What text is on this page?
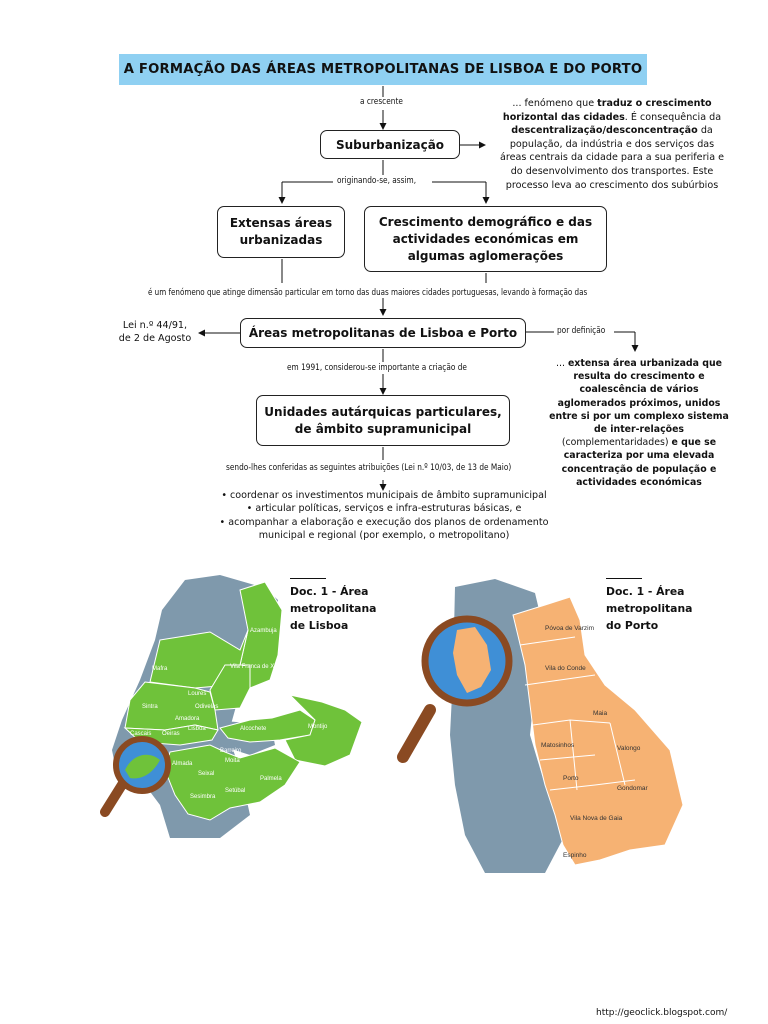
A FORMAÇÃO DAS ÁREAS METROPOLITANAS DE LISBOA E DO PORTO
a crescente
Suburbanização
... fenómeno que traduz o crescimento horizontal das cidades. É consequência da descentralização/desconcentração da população, da indústria e dos serviços das áreas centrais da cidade para a sua periferia e do desenvolvimento dos transportes. Este processo leva ao crescimento dos subúrbios
originando-se, assim,
Extensas áreas
urbanizadas
Crescimento demográfico e das
actividades económicas em
algumas aglomerações
é um fenómeno que atinge dimensão particular em torno das duas maiores cidades portuguesas, levando à formação das
Lei n.º 44/91,
de 2 de Agosto	Áreas metropolitanas de Lisboa e Porto	por definição
... extensa área urbanizada que resulta do crescimento e coalescência de vários aglomerados próximos, unidos entre si por um complexo sistema de inter-relações (complementaridades) e que se caracteriza por uma elevada concentração de população e actividades económicas
em 1991, considerou-se importante a criação de
Unidades autárquicas particulares,
de âmbito supramunicipal
sendo-lhes conferidas as seguintes atribuições (Lei n.º 10/03, de 13 de Maio)
• coordenar os investimentos municipais de âmbito supramunicipal
• articular políticas, serviços e infra-estruturas básicas, e
• acompanhar a elaboração e execução dos planos de ordenamento
municipal e regional (por exemplo, o metropolitano)
Azambuja
Mafra	Vila Franca de Xira
Loures
Sintra	Odivelas
Amadora
Cascais Oeiras
Lisboa	Alcochete	Montijo
Almada	Moita
Barreiro
Seixal
Palmela
Setúbal
Sesimbra
Doc. 1 - Área
metropolitana
de Lisboa	Póvoa de Varzim
Vila do Conde
Maia
Matosinhos	Valongo
Porto
Gondomar
Vila Nova de Gaia
Espinho
Doc. 1 - Área
metropolitana
do Porto
http://geoclick.blogspot.com/
